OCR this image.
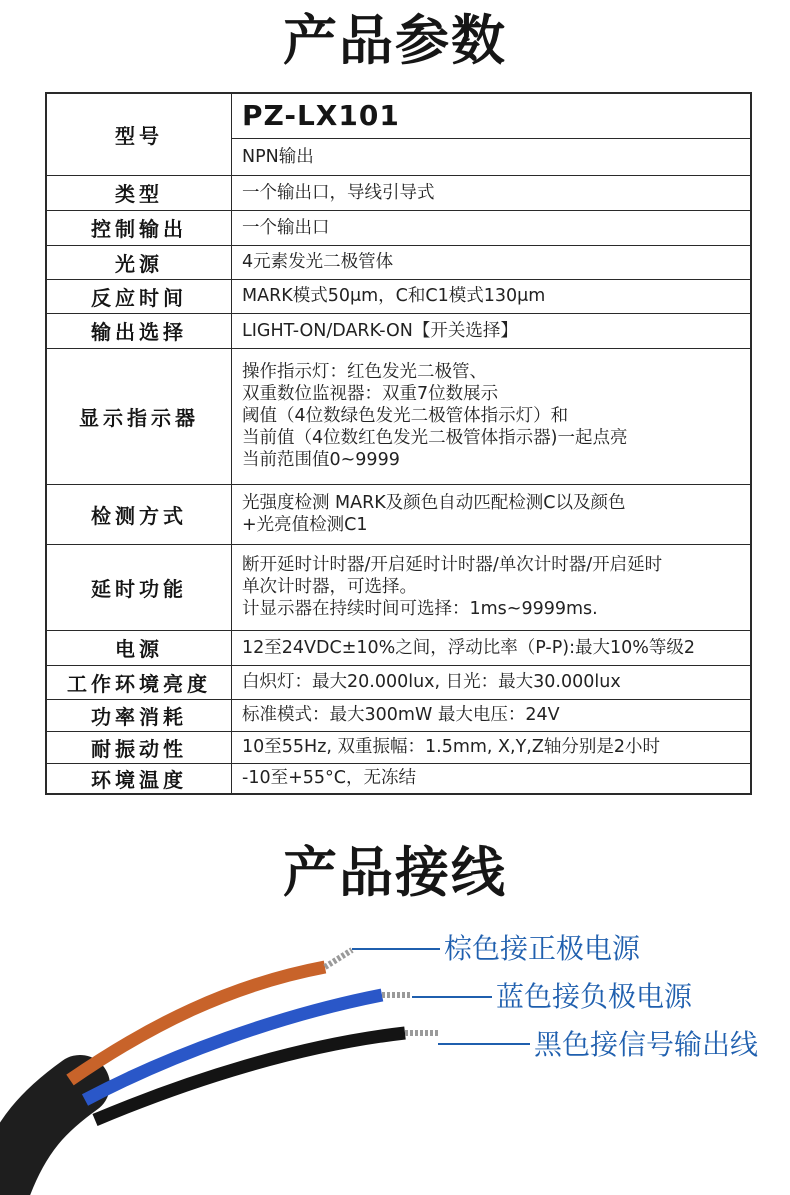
产品参数
型号	PZ-LX101
	NPN输出
类型	一个输出口，导线引导式
控制输出	一个输出口
光源	4元素发光二极管体
反应时间	MARK模式50μm，C和C1模式130μm
输出选择	LIGHT-ON/DARK-ON【开关选择】
显示指示器	操作指示灯：红色发光二极管、
双重数位监视器：双重7位数展示
阈值（4位数绿色发光二极管体指示灯）和
当前值（4位数红色发光二极管体指示器)一起点亮
当前范围值0~9999
检测方式	光强度检测 MARK及颜色自动匹配检测C以及颜色
+光亮值检测C1
延时功能	断开延时计时器/开启延时计时器/单次计时器/开启延时
单次计时器，可选择。
计显示器在持续时间可选择：1ms~9999ms.
电源	12至24VDC±10%之间，浮动比率（P-P):最大10%等级2
工作环境亮度	白炽灯：最大20.000lux, 日光：最大30.000lux
功率消耗	标准模式：最大300mW 最大电压：24V
耐振动性	10至55Hz, 双重振幅：1.5mm, X,Y,Z轴分别是2小时
环境温度	-10至+55°C，无冻结
产品接线
棕色接正极电源
蓝色接负极电源
黑色接信号输出线
